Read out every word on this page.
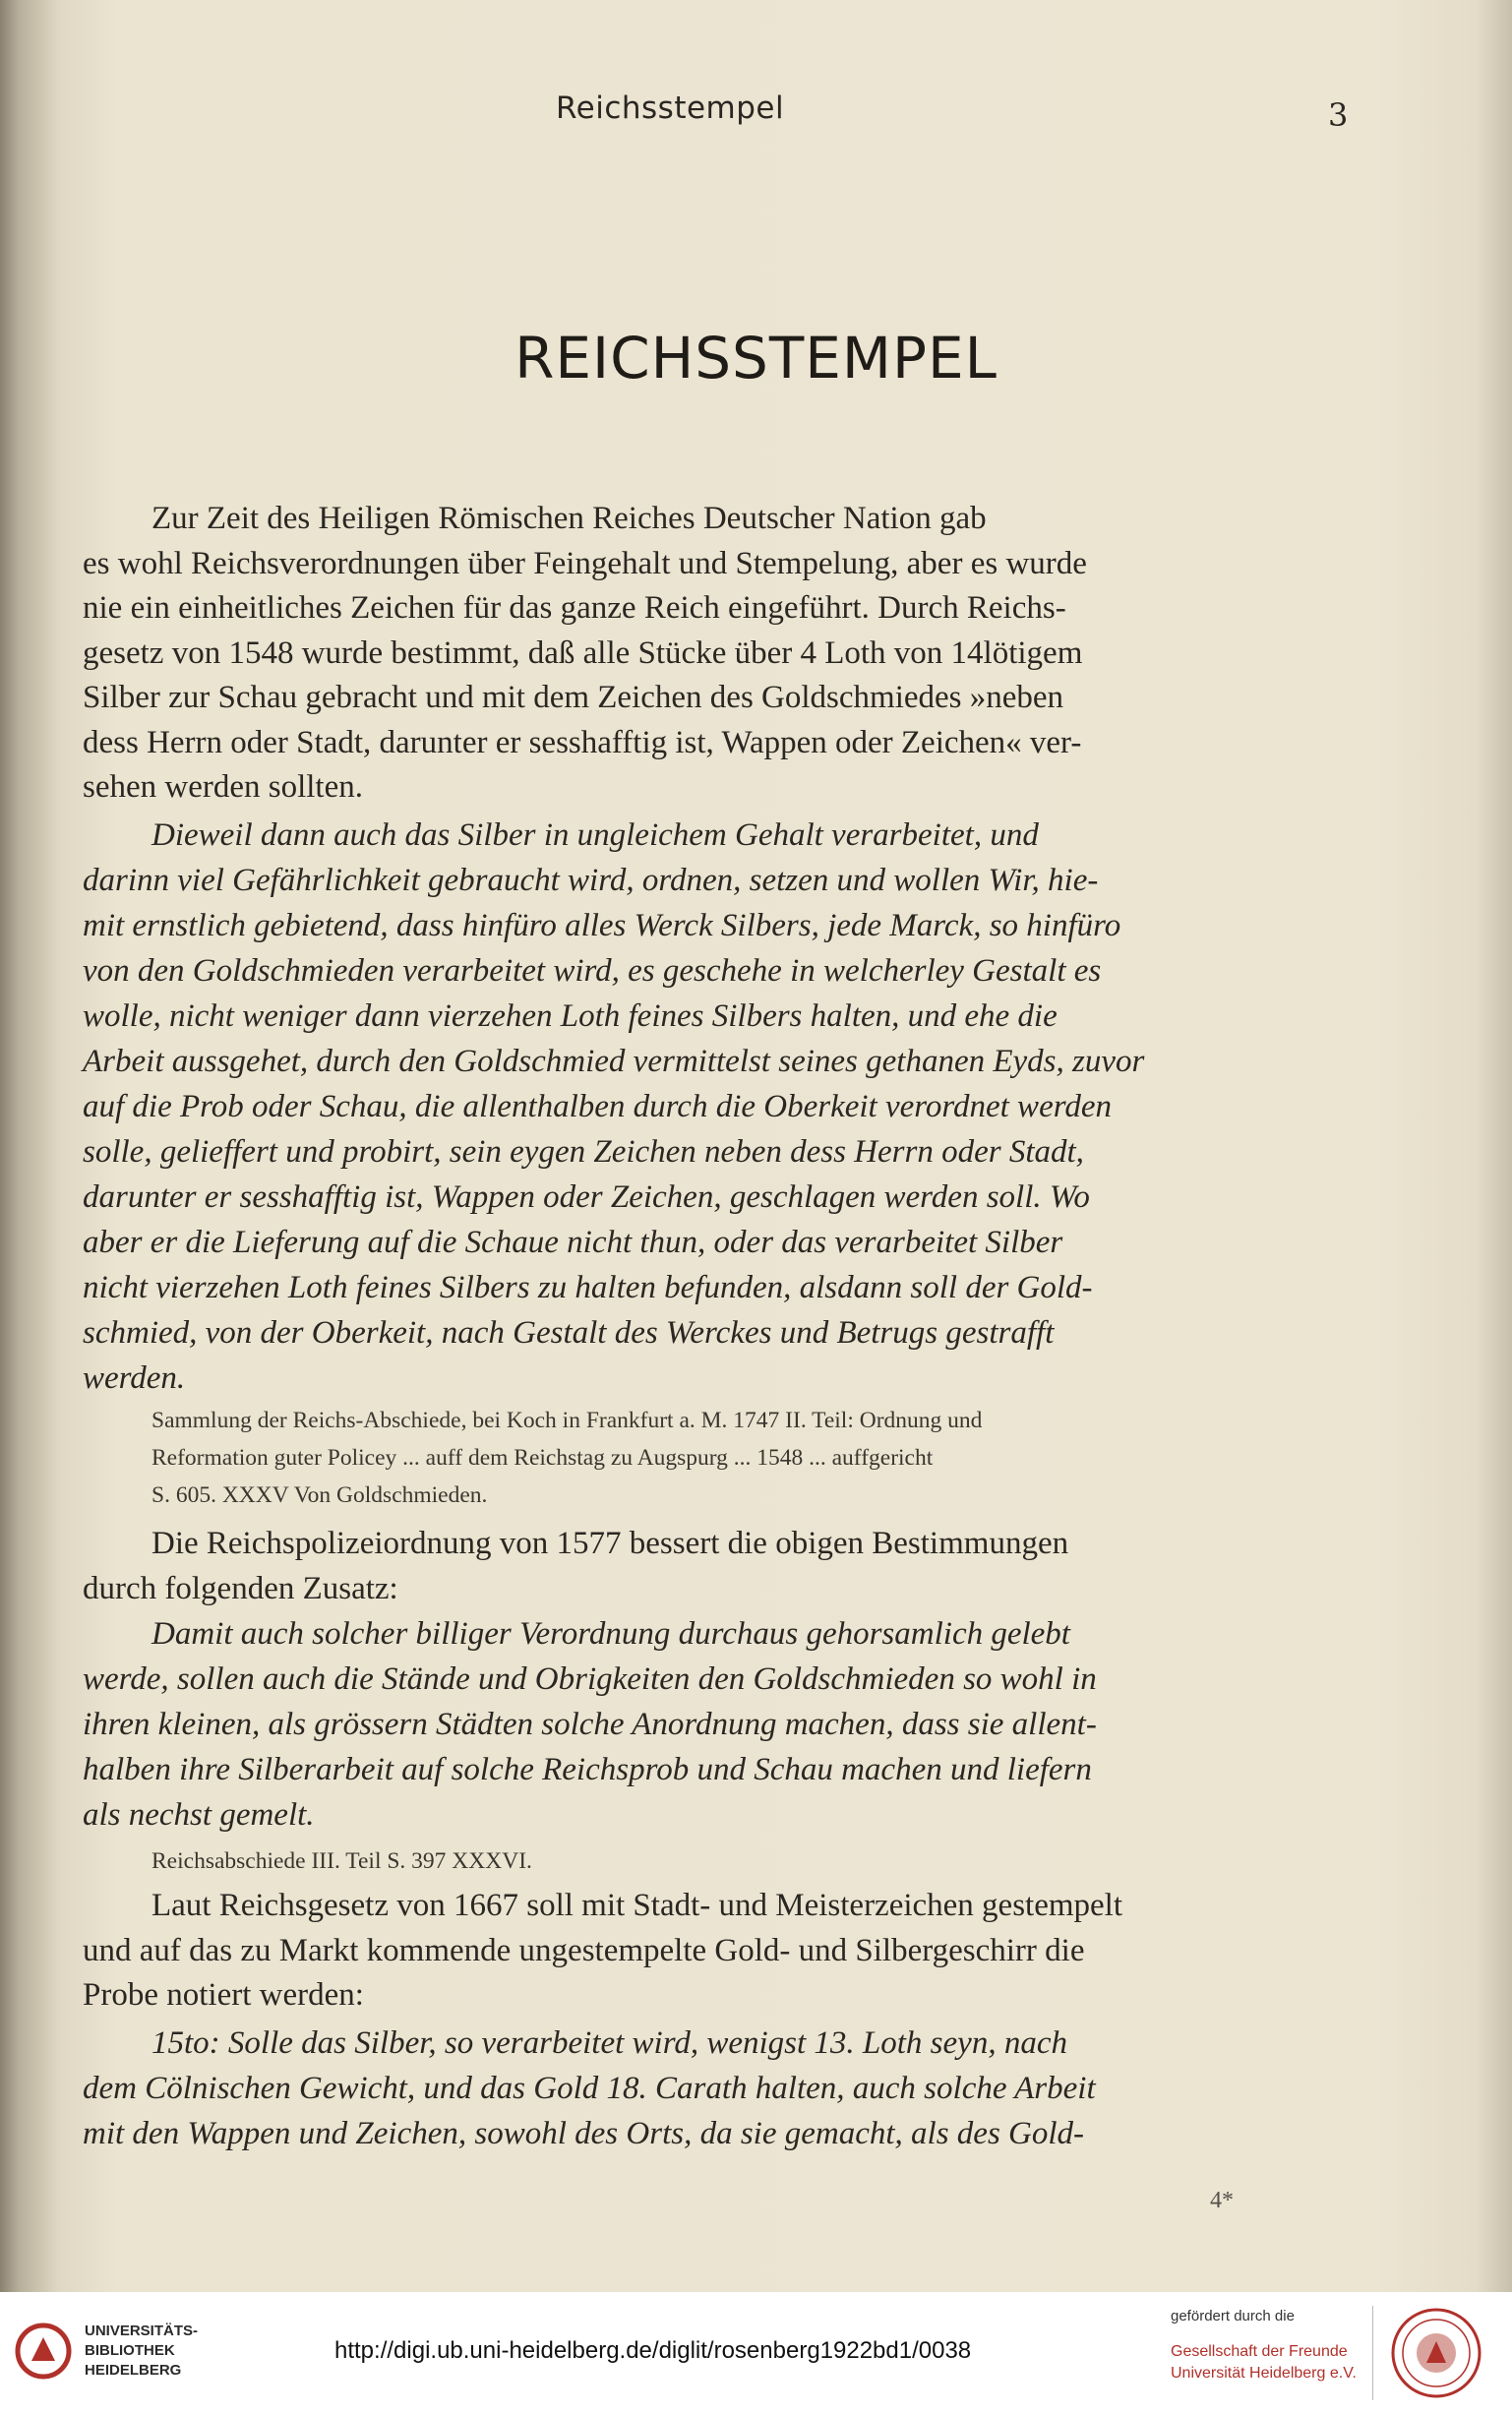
Reichsstempel	3
REICHSSTEMPEL

Zur Zeit des Heiligen Römischen Reiches Deutscher Nation gab

es wohl Reichsverordnungen über Feingehalt und Stempelung, aber es wurde

nie ein einheitliches Zeichen für das ganze Reich eingeführt. Durch Reichs-

gesetz von 1548 wurde bestimmt, daß alle Stücke über 4 Loth von 14lötigem

Silber zur Schau gebracht und mit dem Zeichen des Goldschmiedes »neben

dess Herrn oder Stadt, darunter er sesshafftig ist, Wappen oder Zeichen« ver-

sehen werden sollten.

Dieweil dann auch das Silber in ungleichem Gehalt verarbeitet, und

darinn viel Gefährlichkeit gebraucht wird, ordnen, setzen und wollen Wir, hie-

mit ernstlich gebietend, dass hinfüro alles Werck Silbers, jede Marck, so hinfüro

von den Goldschmieden verarbeitet wird, es geschehe in welcherley Gestalt es

wolle, nicht weniger dann vierzehen Loth feines Silbers halten, und ehe die

Arbeit aussgehet, durch den Goldschmied vermittelst seines gethanen Eyds, zuvor

auf die Prob oder Schau, die allenthalben durch die Oberkeit verordnet werden

solle, gelieffert und probirt, sein eygen Zeichen neben dess Herrn oder Stadt,

darunter er sesshafftig ist, Wappen oder Zeichen, geschlagen werden soll. Wo

aber er die Lieferung auf die Schaue nicht thun, oder das verarbeitet Silber

nicht vierzehen Loth feines Silbers zu halten befunden, alsdann soll der Gold-

schmied, von der Oberkeit, nach Gestalt des Werckes und Betrugs gestrafft

werden.

Sammlung der Reichs-Abschiede, bei Koch in Frankfurt a. M. 1747 II. Teil: Ordnung und

Reformation guter Policey ... auff dem Reichstag zu Augspurg ... 1548 ... auffgericht

S. 605. XXXV Von Goldschmieden.

Die Reichspolizeiordnung von 1577 bessert die obigen Bestimmungen

durch folgenden Zusatz:

Damit auch solcher billiger Verordnung durchaus gehorsamlich gelebt

werde, sollen auch die Stände und Obrigkeiten den Goldschmieden so wohl in

ihren kleinen, als grössern Städten solche Anordnung machen, dass sie allent-

halben ihre Silberarbeit auf solche Reichsprob und Schau machen und liefern

als nechst gemelt.

Reichsabschiede III. Teil S. 397 XXXVI.

Laut Reichsgesetz von 1667 soll mit Stadt- und Meisterzeichen gestempelt

und auf das zu Markt kommende ungestempelte Gold- und Silbergeschirr die

Probe notiert werden:

15to: Solle das Silber, so verarbeitet wird, wenigst 13. Loth seyn, nach

dem Cölnischen Gewicht, und das Gold 18. Carath halten, auch solche Arbeit

mit den Wappen und Zeichen, sowohl des Orts, da sie gemacht, als des Gold-

4*
UNIVERSITÄTS-
BIBLIOTHEK
HEIDELBERG
http://digi.ub.uni-heidelberg.de/diglit/rosenberg1922bd1/0038
gefördert durch die
Gesellschaft der Freunde
Universität Heidelberg e.V.
